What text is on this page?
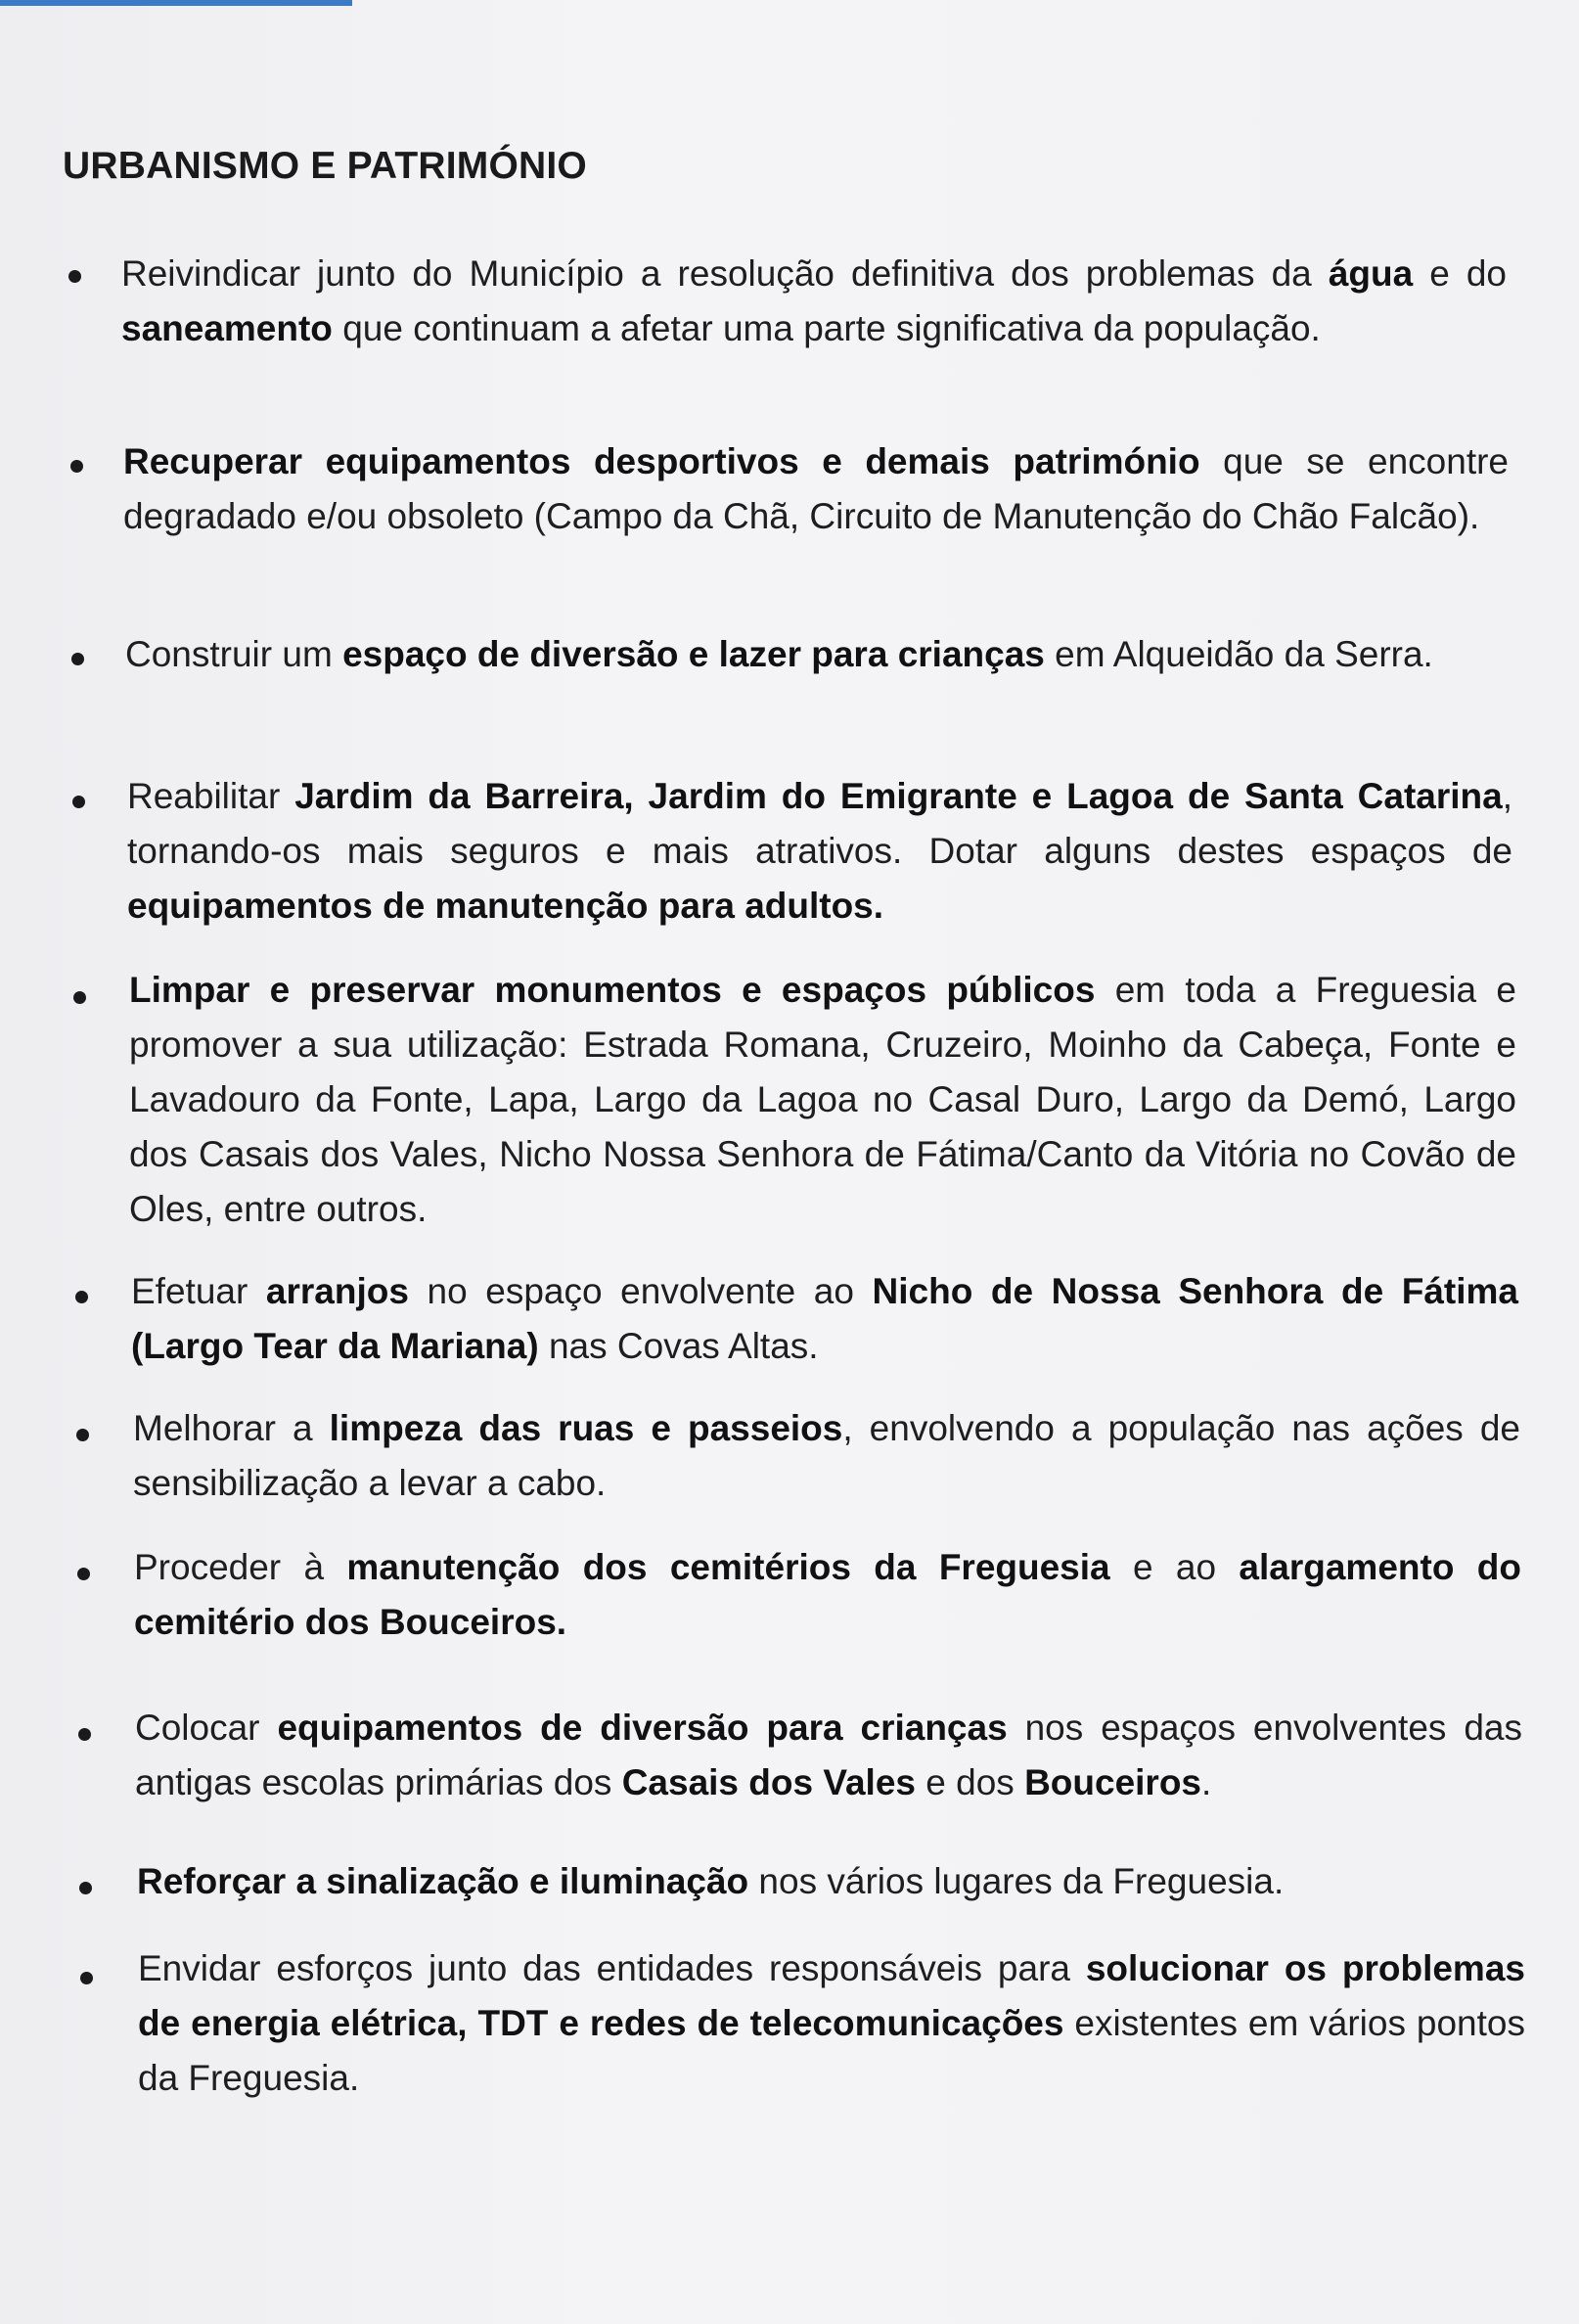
URBANISMO E PATRIMÓNIO
Reivindicar junto do Município a resolução definitiva dos problemas da água e do saneamento que continuam a afetar uma parte significativa da população.
Recuperar equipamentos desportivos e demais património que se encontre degradado e/ou obsoleto (Campo da Chã, Circuito de Manutenção do Chão Falcão).
Construir um espaço de diversão e lazer para crianças em Alqueidão da Serra.
Reabilitar Jardim da Barreira, Jardim do Emigrante e Lagoa de Santa Catarina, tornando-os mais seguros e mais atrativos. Dotar alguns destes espaços de equipamentos de manutenção para adultos.
Limpar e preservar monumentos e espaços públicos em toda a Freguesia e promover a sua utilização: Estrada Romana, Cruzeiro, Moinho da Cabeça, Fonte e Lavadouro da Fonte, Lapa, Largo da Lagoa no Casal Duro, Largo da Demó, Largo dos Casais dos Vales, Nicho Nossa Senhora de Fátima/Canto da Vitória no Covão de Oles, entre outros.
Efetuar arranjos no espaço envolvente ao Nicho de Nossa Senhora de Fátima (Largo Tear da Mariana) nas Covas Altas.
Melhorar a limpeza das ruas e passeios, envolvendo a população nas ações de sensibilização a levar a cabo.
Proceder à manutenção dos cemitérios da Freguesia e ao alargamento do cemitério dos Bouceiros.
Colocar equipamentos de diversão para crianças nos espaços envolventes das antigas escolas primárias dos Casais dos Vales e dos Bouceiros.
Reforçar a sinalização e iluminação nos vários lugares da Freguesia.
Envidar esforços junto das entidades responsáveis para solucionar os problemas de energia elétrica, TDT e redes de telecomunicações existentes em vários pontos da Freguesia.
